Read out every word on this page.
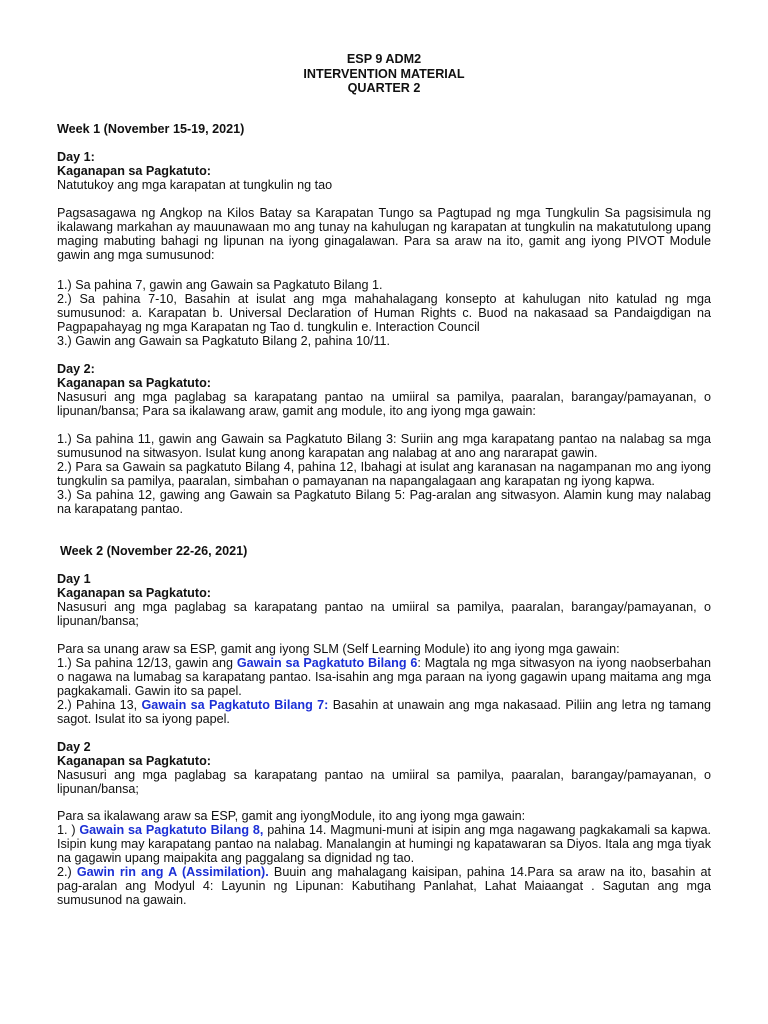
ESP 9 ADM2
INTERVENTION MATERIAL
QUARTER 2

Week 1 (November 15-19, 2021)

Day 1:

Kaganapan sa Pagkatuto:

Natutukoy ang mga karapatan at tungkulin ng tao

Pagsasagawa ng Angkop na Kilos Batay sa Karapatan Tungo sa Pagtupad ng mga Tungkulin Sa pagsisimula ng ikalawang markahan ay mauunawaan mo ang tunay na kahulugan ng karapatan at tungkulin na makatutulong upang maging mabuting bahagi ng lipunan na iyong ginagalawan. Para sa araw na ito, gamit ang iyong PIVOT Module gawin ang mga sumusunod:

1.) Sa pahina 7, gawin ang Gawain sa Pagkatuto Bilang 1.

2.) Sa pahina 7-10, Basahin at isulat ang mga mahahalagang konsepto at kahulugan nito katulad ng mga sumusunod: a. Karapatan b. Universal Declaration of Human Rights c. Buod na nakasaad sa Pandaigdigan na Pagpapahayag ng mga Karapatan ng Tao d. tungkulin e. Interaction Council

3.) Gawin ang Gawain sa Pagkatuto Bilang 2, pahina 10/11.

Day 2:

Kaganapan sa Pagkatuto:

Nasusuri ang mga paglabag sa karapatang pantao na umiiral sa pamilya, paaralan, barangay/pamayanan, o lipunan/bansa; Para sa ikalawang araw, gamit ang module, ito ang iyong mga gawain:

1.) Sa pahina 11, gawin ang Gawain sa Pagkatuto Bilang 3: Suriin ang mga karapatang pantao na nalabag sa mga sumusunod na sitwasyon. Isulat kung anong karapatan ang nalabag at ano ang nararapat gawin.

2.) Para sa Gawain sa pagkatuto Bilang 4, pahina 12, Ibahagi at isulat ang karanasan na nagampanan mo ang iyong tungkulin sa pamilya, paaralan, simbahan o pamayanan na napangalagaan ang karapatan ng iyong kapwa.

3.) Sa pahina 12, gawing ang Gawain sa Pagkatuto Bilang 5: Pag-aralan ang sitwasyon. Alamin kung may nalabag na karapatang pantao.

Week 2 (November 22-26, 2021)

Day 1

Kaganapan sa Pagkatuto:

Nasusuri ang mga paglabag sa karapatang pantao na umiiral sa pamilya, paaralan, barangay/pamayanan, o lipunan/bansa;

Para sa unang araw sa ESP, gamit ang iyong SLM (Self Learning Module) ito ang iyong mga gawain:

1.) Sa pahina 12/13, gawin ang Gawain sa Pagkatuto Bilang 6: Magtala ng mga sitwasyon na iyong naobserbahan o nagawa na lumabag sa karapatang pantao. Isa-isahin ang mga paraan na iyong gagawin upang maitama ang mga pagkakamali. Gawin ito sa papel.

2.) Pahina 13, Gawain sa Pagkatuto Bilang 7: Basahin at unawain ang mga nakasaad. Piliin ang letra ng tamang sagot. Isulat ito sa iyong papel.

Day 2

Kaganapan sa Pagkatuto:

Nasusuri ang mga paglabag sa karapatang pantao na umiiral sa pamilya, paaralan, barangay/pamayanan, o lipunan/bansa;

Para sa ikalawang araw sa ESP, gamit ang iyongModule, ito ang iyong mga gawain:

1. ) Gawain sa Pagkatuto Bilang 8, pahina 14. Magmuni-muni at isipin ang mga nagawang pagkakamali sa kapwa. Isipin kung may karapatang pantao na nalabag. Manalangin at humingi ng kapatawaran sa Diyos. Itala ang mga tiyak na gagawin upang maipakita ang paggalang sa dignidad ng tao.

2.) Gawin rin ang A (Assimilation). Buuin ang mahalagang kaisipan, pahina 14.Para sa araw na ito, basahin at pag-aralan ang Modyul 4: Layunin ng Lipunan: Kabutihang Panlahat, Lahat Maiaangat . Sagutan ang mga sumusunod na gawain.
